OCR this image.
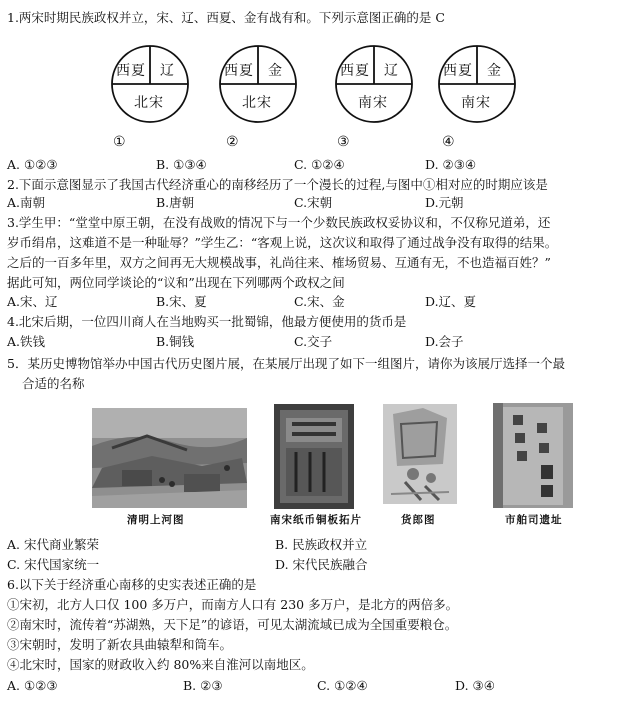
1.两宋时期民族政权并立，宋、辽、西夏、金有战有和。下列示意图正确的是 C
西夏 辽
北宋
西夏 金
北宋
西夏 辽
南宋
西夏 金
南宋
①	②	③	④
A. ①②③	B. ①③④	C. ①②④	D. ②③④
2.下面示意图显示了我国古代经济重心的南移经历了一个漫长的过程,与图中①相对应的时期应该是
A.南朝	B.唐朝	C.宋朝	D.元朝
3.学生甲：“堂堂中原王朝，在没有战败的情况下与一个少数民族政权妥协议和，不仅称兄道弟，还
岁币绢帛，这难道不是一种耻辱？”学生乙：“客观上说，这次议和取得了通过战争没有取得的结果。
之后的一百多年里，双方之间再无大规模战事，礼尚往来、榷场贸易、互通有无，不也造福百姓？”
据此可知，两位同学谈论的“议和”出现在下列哪两个政权之间
A.宋、辽	B.宋、夏	C.宋、金	D.辽、夏
4.北宋后期，一位四川商人在当地购买一批蜀锦，他最方便使用的货币是
A.铁钱	B.铜钱	C.交子	D.会子
5．某历史博物馆举办中国古代历史图片展，在某展厅出现了如下一组图片，请你为该展厅选择一个最
合适的名称
清明上河图	南宋纸币铜板拓片	货郎图	市舶司遗址
A. 宋代商业繁荣	B. 民族政权并立
C. 宋代国家统一	D. 宋代民族融合
6.以下关于经济重心南移的史实表述正确的是
①宋初，北方人口仅 100 多万户，而南方人口有 230 多万户，是北方的两倍多。
②南宋时，流传着“苏湖熟，天下足”的谚语，可见太湖流域已成为全国重要粮仓。
③宋朝时，发明了新农具曲辕犁和筒车。
④北宋时，国家的财政收入约 80%来自淮河以南地区。
A. ①②③	B. ②③	C. ①②④	D. ③④
